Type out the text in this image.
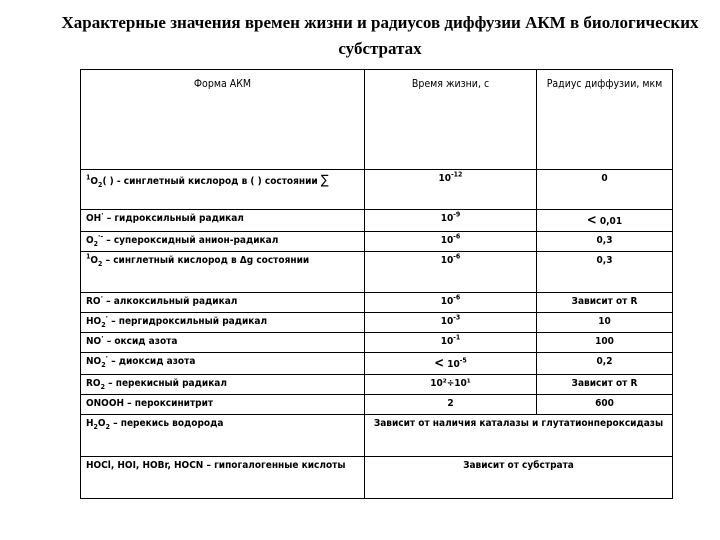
Характерные значения времен жизни и радиусов диффузии АКМ в биологических субстратах
Форма АКМ	Время жизни, с	Радиус диффузии, мкм
$^1O_2$( ) - синглетный кислород в ( ) состоянии ∑	$10^{-12}$	0
OH· – гидроксильный радикал	$10^{-9}$	< 0,01
$O_2^{\cdot-}$ – супероксидный анион-радикал	$10^{-6}$	0,3
$^1O_2$ – синглетный кислород в Δg состоянии	$10^{-6}$	0,3
RO· – алкоксильный радикал	$10^{-6}$	Зависит от R
$HO_2^\cdot$ – пергидроксильный радикал	$10^{-3}$	10
NO· – оксид азота	$10^{-1}$	100
$NO_2^\cdot$ – диоксид азота	< $10^{-5}$	0,2
$RO_2$ – перекисный радикал	10²÷10¹	Зависит от R
ONOOH – пероксинитрит	2	600
$H_2O_2$ – перекись водорода	Зависит от наличия каталазы и глутатионпероксидазы	
HOCl, HOI, HOBr, HOCN – гипогалогенные кислоты	Зависит от субстрата	
